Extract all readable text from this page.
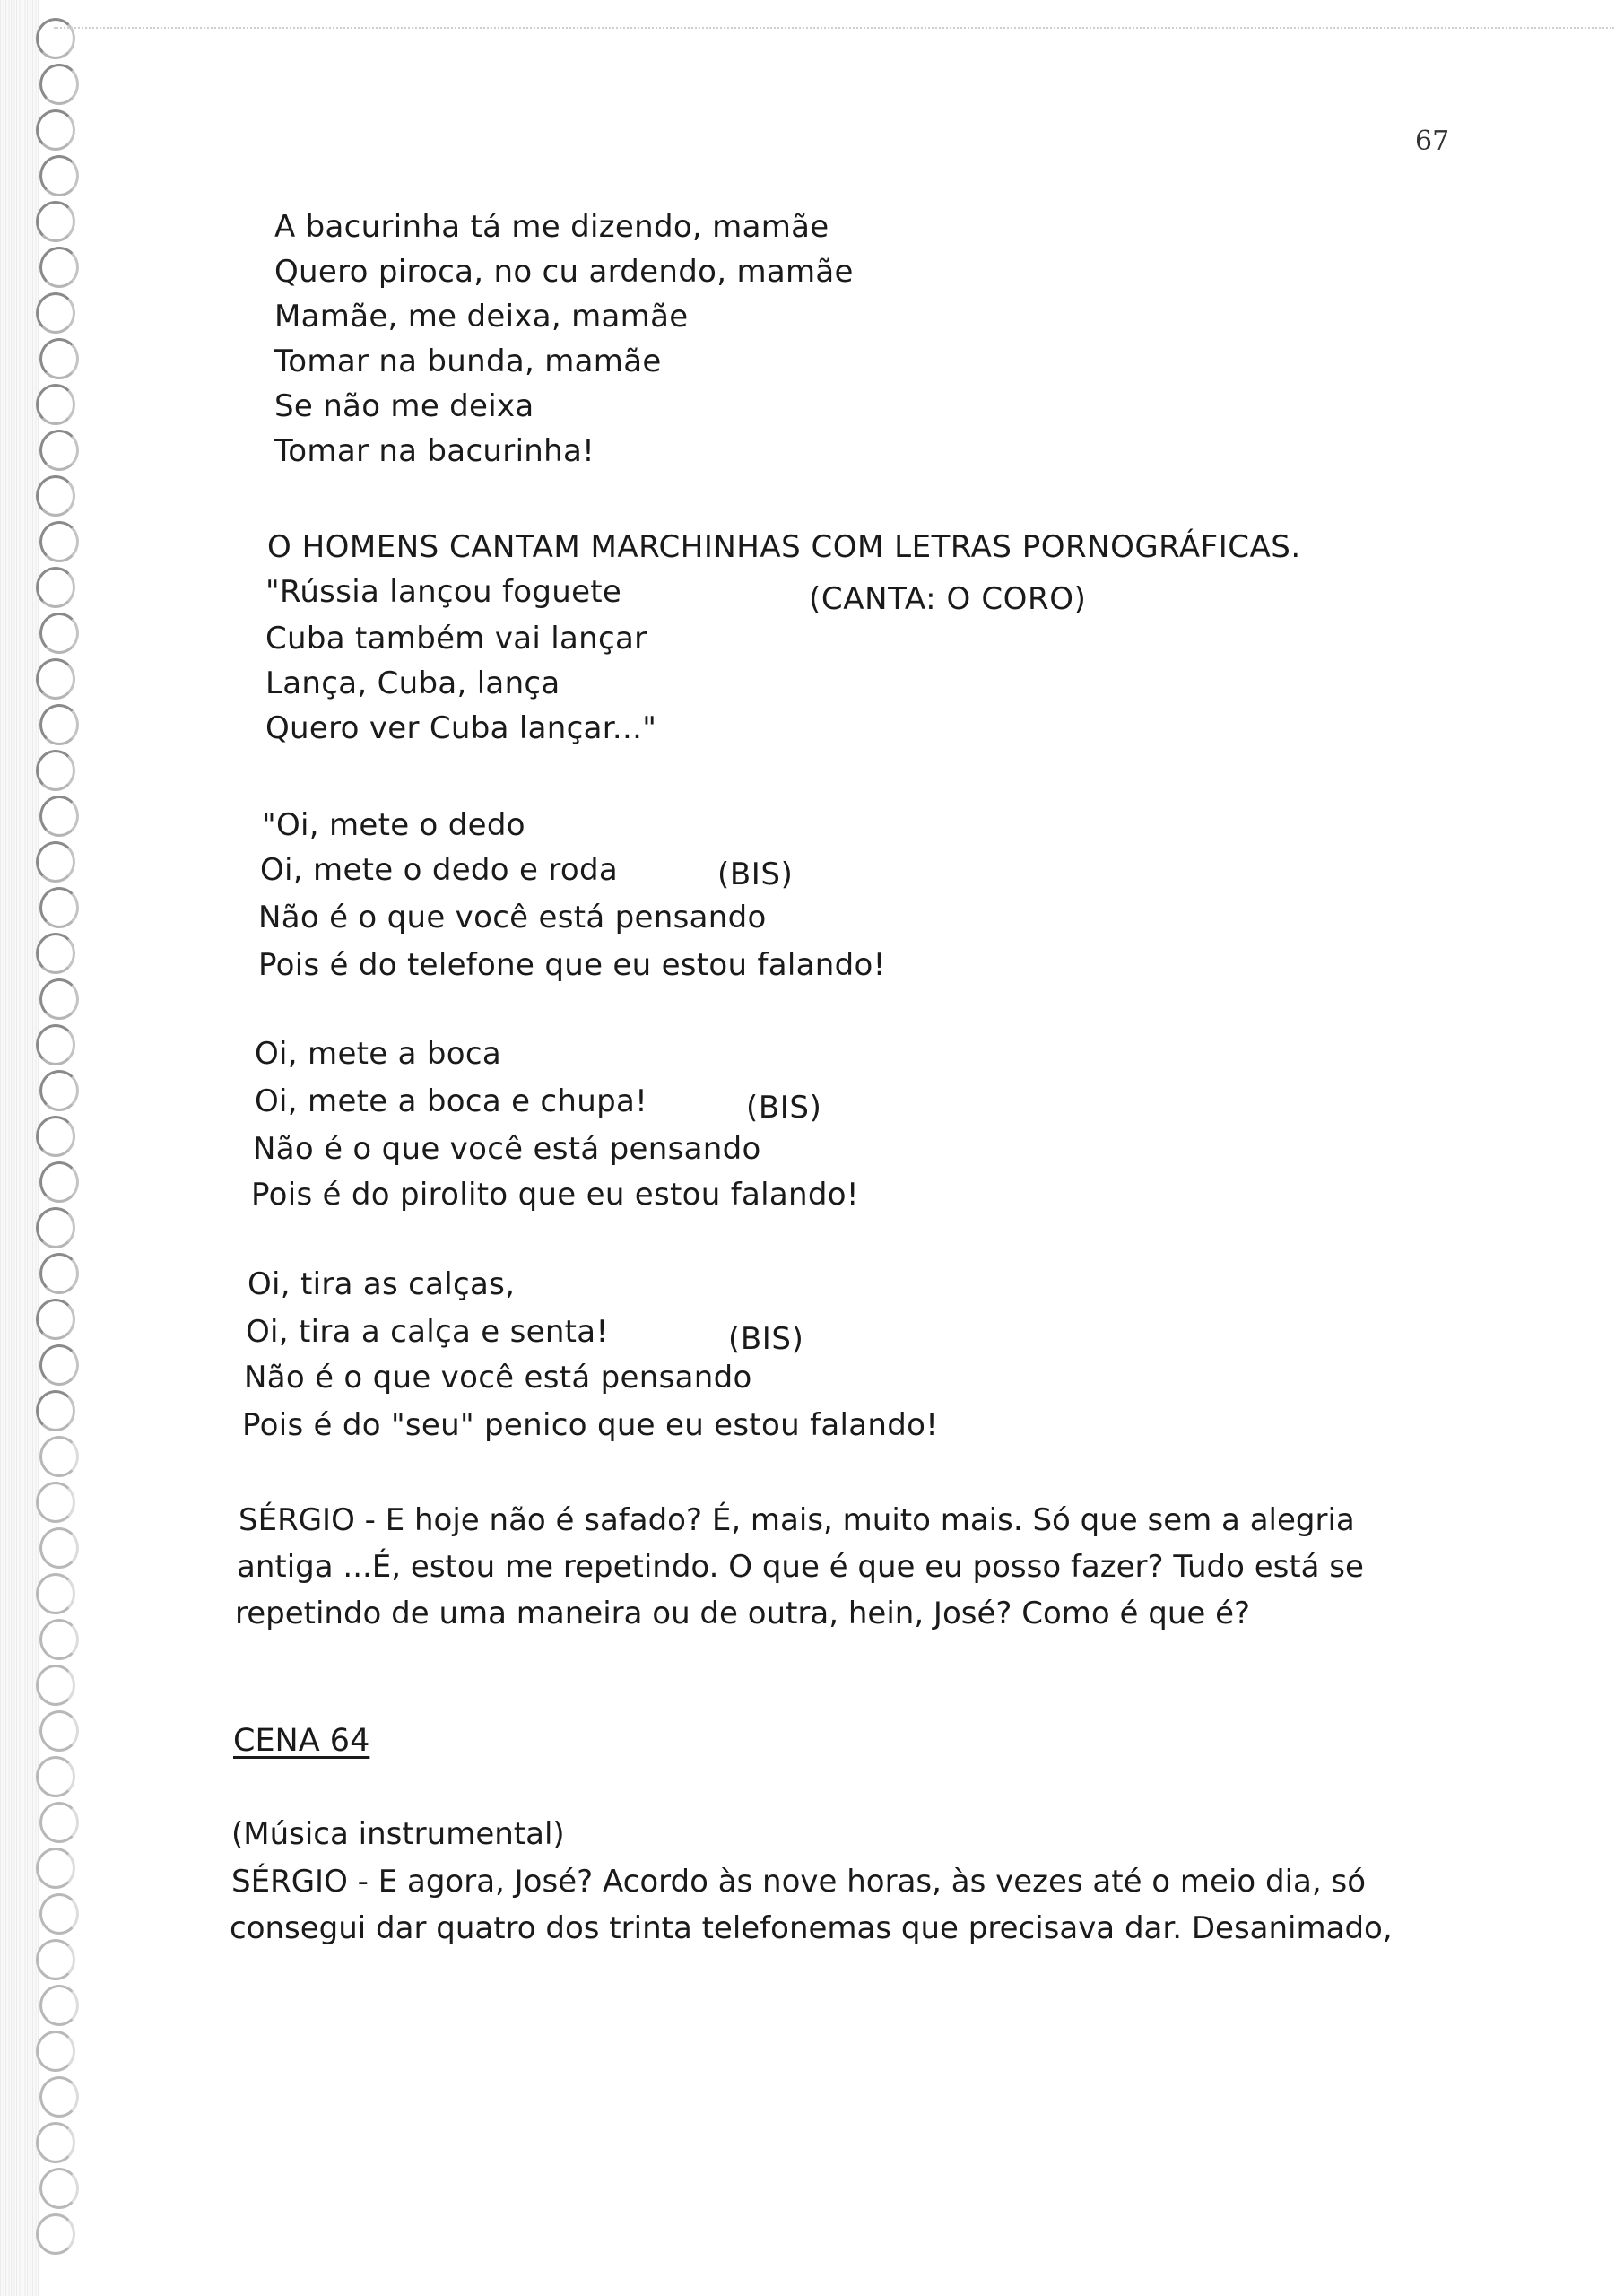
67
A bacurinha tá me dizendo, mamãe
Quero piroca, no cu ardendo, mamãe
Mamãe, me deixa, mamãe
Tomar na bunda, mamãe
Se não me deixa
Tomar na bacurinha!
O HOMENS CANTAM MARCHINHAS COM LETRAS PORNOGRÁFICAS.
"Rússia lançou foguete	(CANTA: O CORO)
Cuba também vai lançar
Lança, Cuba, lança
Quero ver Cuba lançar..."
"Oi, mete o dedo
Oi, mete o dedo e roda	(BIS)
Não é o que você está pensando
Pois é do telefone que eu estou falando!
Oi, mete a boca
Oi, mete a boca e chupa!	(BIS)
Não é o que você está pensando
Pois é do pirolito que eu estou falando!
Oi, tira as calças,
Oi, tira a calça e senta!	(BIS)
Não é o que você está pensando
Pois é do "seu" penico que eu estou falando!
SÉRGIO - E hoje não é safado? É, mais, muito mais. Só que sem a alegria
antiga ...É, estou me repetindo. O que é que eu posso fazer? Tudo está se
repetindo de uma maneira ou de outra, hein, José? Como é que é?
CENA 64
(Música instrumental)
SÉRGIO - E agora, José? Acordo às nove horas, às vezes até o meio dia, só
consegui dar quatro dos trinta telefonemas que precisava dar. Desanimado,
